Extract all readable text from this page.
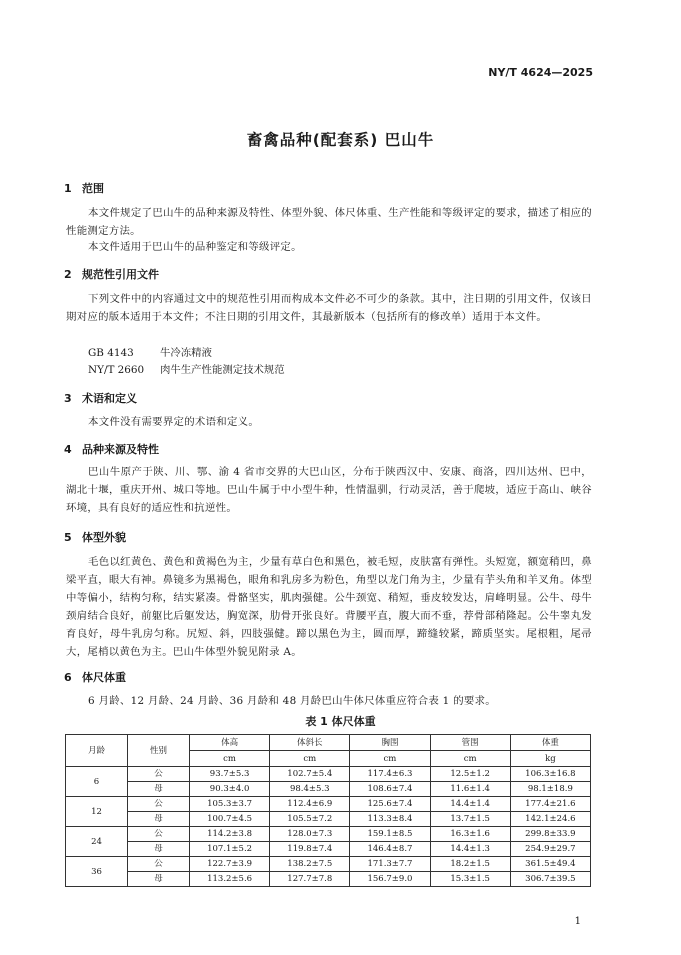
NY/T 4624—2025
畜禽品种(配套系) 巴山牛
1 范围

本文件规定了巴山牛的品种来源及特性、体型外貌、体尺体重、生产性能和等级评定的要求，描述了相应的性能测定方法。

本文件适用于巴山牛的品种鉴定和等级评定。

2 规范性引用文件

下列文件中的内容通过文中的规范性引用而构成本文件必不可少的条款。其中，注日期的引用文件，仅该日期对应的版本适用于本文件；不注日期的引用文件，其最新版本（包括所有的修改单）适用于本文件。

GB 4143	牛冷冻精液
NY/T 2660 肉牛生产性能测定技术规范
3 术语和定义

本文件没有需要界定的术语和定义。

4 品种来源及特性

巴山牛原产于陕、川、鄂、渝 4 省市交界的大巴山区，分布于陕西汉中、安康、商洛，四川达州、巴中，湖北十堰，重庆开州、城口等地。巴山牛属于中小型牛种，性情温驯，行动灵活，善于爬坡，适应于高山、峡谷环境，具有良好的适应性和抗逆性。

5 体型外貌

毛色以红黄色、黄色和黄褐色为主，少量有草白色和黑色，被毛短，皮肤富有弹性。头短宽，额宽稍凹，鼻梁平直，眼大有神。鼻镜多为黑褐色，眼角和乳房多为粉色，角型以龙门角为主，少量有芋头角和羊叉角。体型中等偏小，结构匀称，结实紧凑。骨骼坚实，肌肉强健。公牛颈宽、稍短，垂皮较发达，肩峰明显。公牛、母牛颈肩结合良好，前躯比后躯发达，胸宽深，肋骨开张良好。背腰平直，腹大而不垂，荐骨部稍隆起。公牛睾丸发育良好，母牛乳房匀称。尻短、斜，四肢强健。蹄以黑色为主，圆而厚，蹄缝较紧，蹄质坚实。尾根粗，尾帚大，尾梢以黄色为主。巴山牛体型外貌见附录 A。

6 体尺体重

6 月龄、12 月龄、24 月龄、36 月龄和 48 月龄巴山牛体尺体重应符合表 1 的要求。

表 1 体尺体重
月龄	性别	体高	体斜长	胸围	管围	体重
		cm	cm	cm	cm	kg
6	公	93.7±5.3	102.7±5.4	117.4±6.3	12.5±1.2	106.3±16.8
	母	90.3±4.0	98.4±5.3	108.6±7.4	11.6±1.4	98.1±18.9
12	公	105.3±3.7	112.4±6.9	125.6±7.4	14.4±1.4	177.4±21.6
	母	100.7±4.5	105.5±7.2	113.3±8.4	13.7±1.5	142.1±24.6
24	公	114.2±3.8	128.0±7.3	159.1±8.5	16.3±1.6	299.8±33.9
	母	107.1±5.2	119.8±7.4	146.4±8.7	14.4±1.3	254.9±29.7
36	公	122.7±3.9	138.2±7.5	171.3±7.7	18.2±1.5	361.5±49.4
	母	113.2±5.6	127.7±7.8	156.7±9.0	15.3±1.5	306.7±39.5
1
